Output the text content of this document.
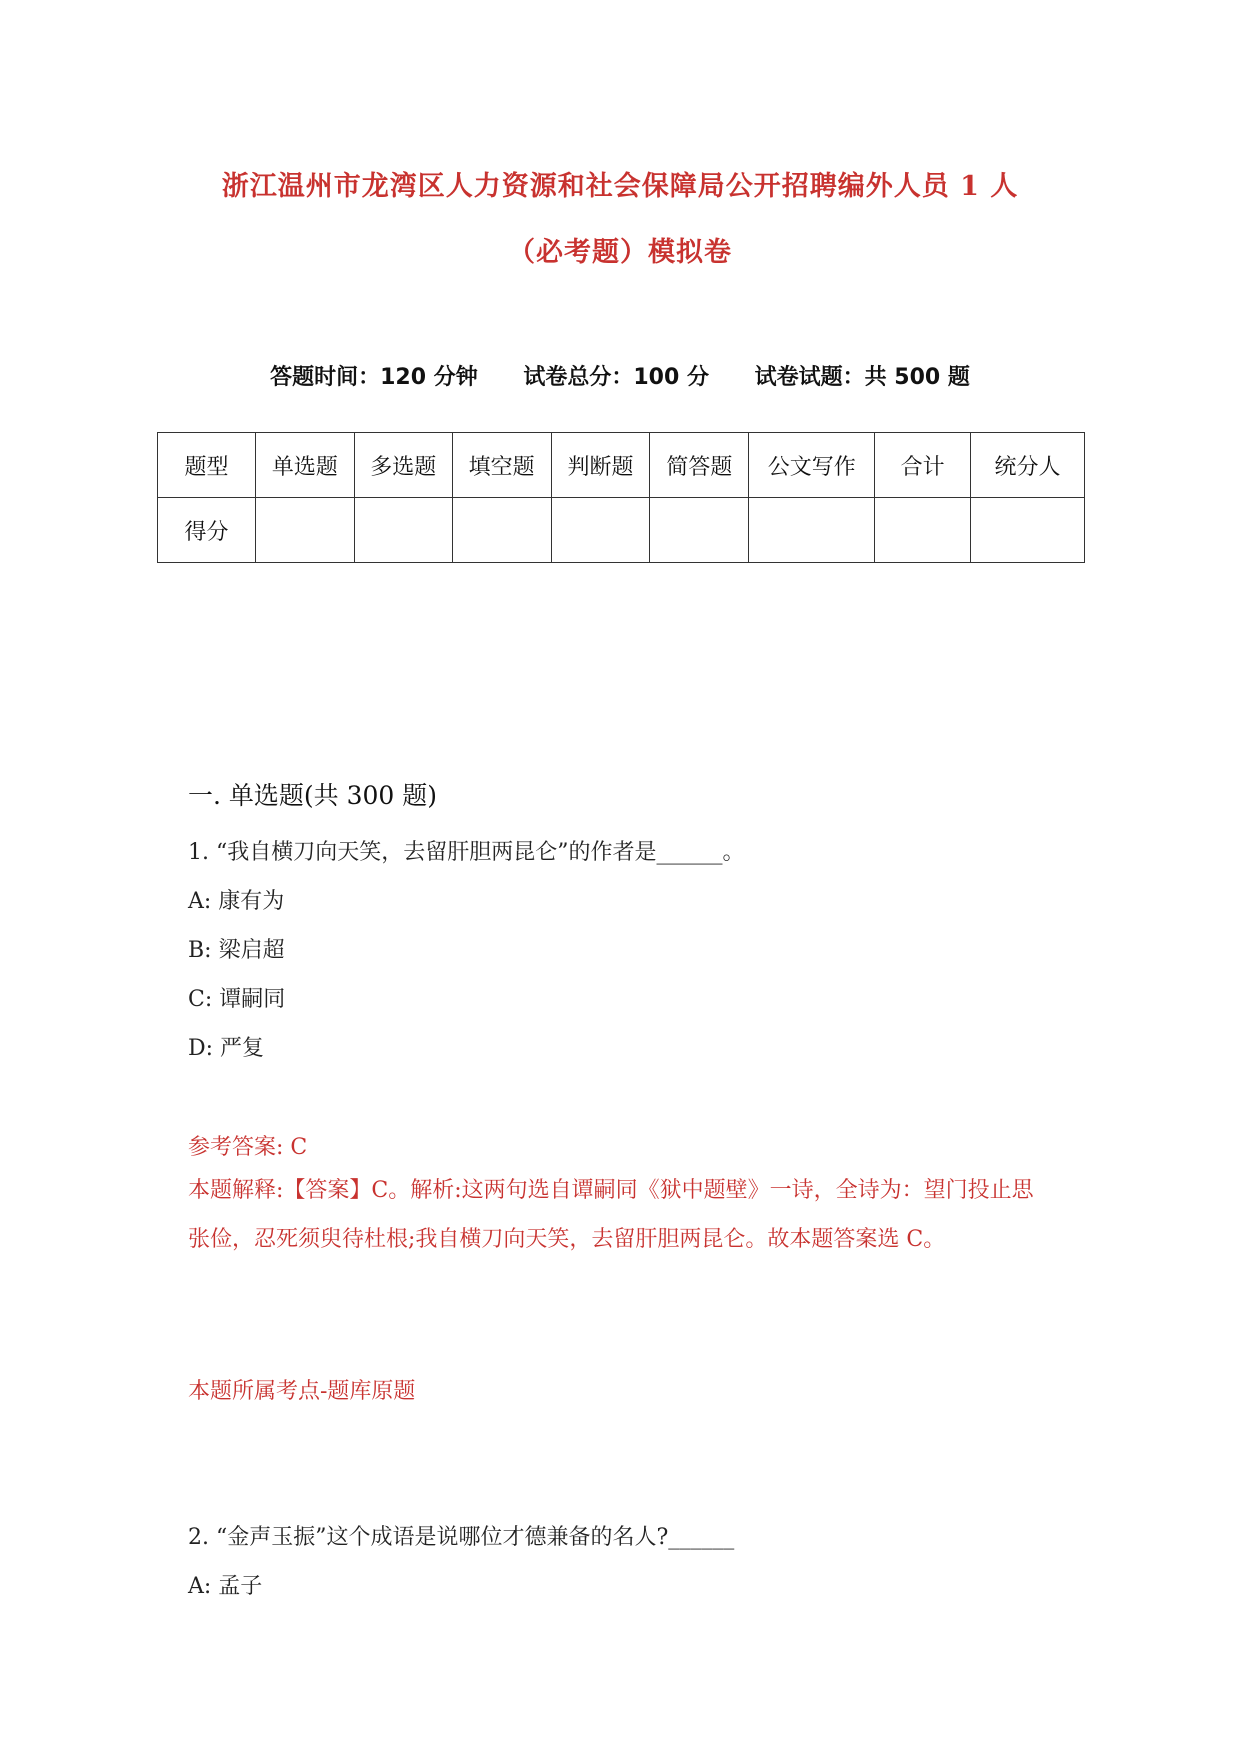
浙江温州市龙湾区人力资源和社会保障局公开招聘编外人员 1 人
（必考题）模拟卷
答题时间：120 分钟 试卷总分：100 分 试卷试题：共 500 题
题型	单选题	多选题	填空题	判断题	简答题	公文写作	合计	统分人
得分								
一. 单选题(共 300 题)
1. “我自横刀向天笑，去留肝胆两昆仑”的作者是______。
A: 康有为
B: 梁启超
C: 谭嗣同
D: 严复
参考答案: C
本题解释:【答案】C。解析:这两句选自谭嗣同《狱中题壁》一诗，全诗为：望门投止思张俭，忍死须臾待杜根;我自横刀向天笑，去留肝胆两昆仑。故本题答案选 C。
本题所属考点-题库原题
2. “金声玉振”这个成语是说哪位才德兼备的名人?______
A: 孟子
